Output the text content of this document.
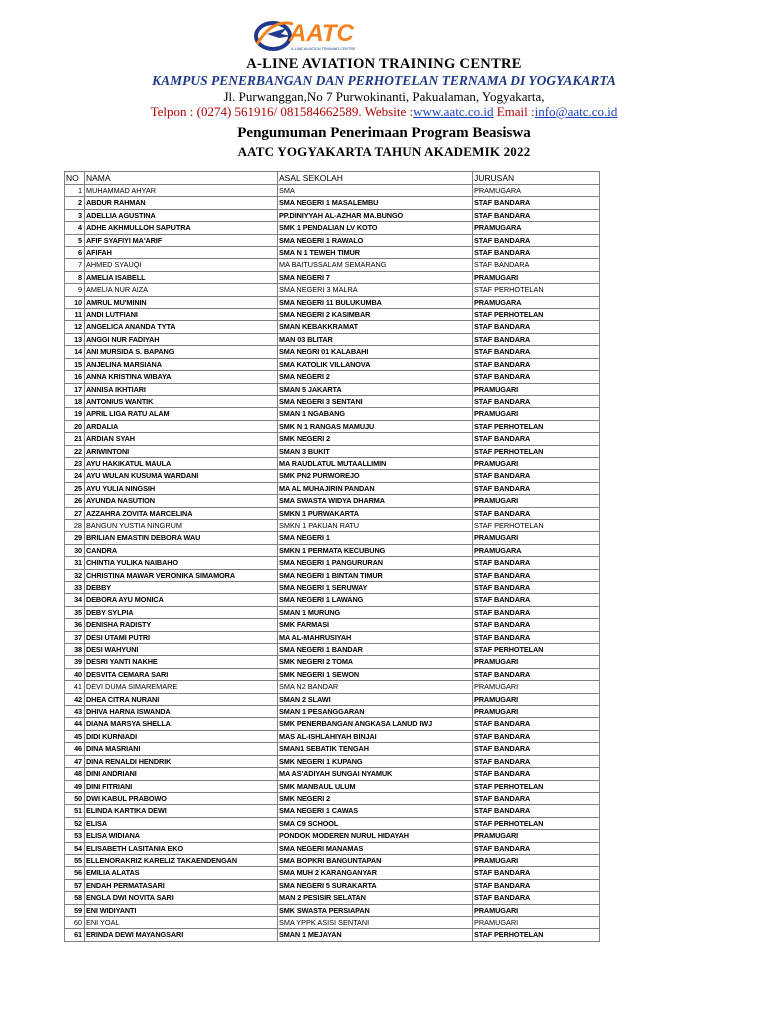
AATC
A-LINE AVIATION TRAINING CENTRE
A-LINE AVIATION TRAINING CENTRE
KAMPUS PENERBANGAN DAN PERHOTELAN TERNAMA DI YOGYAKARTA
Jl. Purwanggan,No 7 Purwokinanti, Pakualaman, Yogyakarta,
Telpon : (0274) 561916/ 081584662589. Website :www.aatc.co.id Email :info@aatc.co.id
Pengumuman Penerimaan Program Beasiswa
AATC YOGYAKARTA TAHUN AKADEMIK 2022
NO	NAMA	ASAL SEKOLAH	JURUSAN
1	MUHAMMAD AHYAR	SMA	PRAMUGARA
2	ABDUR RAHMAN	SMA NEGERI 1 MASALEMBU	STAF BANDARA
3	ADELLIA AGUSTINA	PP.DINIYYAH AL-AZHAR MA.BUNGO	STAF BANDARA
4	ADHE AKHMULLOH SAPUTRA	SMK 1 PENDALIAN LV KOTO	PRAMUGARA
5	AFIF SYAFIYI MA'ARIF	SMA NEGERI 1 RAWALO	STAF BANDARA
6	AFIFAH	SMA N 1 TEWEH TIMUR	STAF BANDARA
7	AHMED SYAUQI	MA BAITUSSALAM SEMARANG	STAF BANDARA
8	AMELIA ISABELL	SMA NEGERI 7	PRAMUGARI
9	AMELIA NUR AIZA	SMA NEGERI 3 MALRA	STAF PERHOTELAN
10	AMRUL MU'MININ	SMA NEGERI 11 BULUKUMBA	PRAMUGARA
11	ANDI LUTFIANI	SMA NEGERI 2 KASIMBAR	STAF PERHOTELAN
12	ANGELICA ANANDA TYTA	SMAN KEBAKKRAMAT	STAF BANDARA
13	ANGGI NUR FADIYAH	MAN 03 BLITAR	STAF BANDARA
14	ANI MURSIDA S. BAPANG	SMA NEGRI 01 KALABAHI	STAF BANDARA
15	ANJELINA MARSIANA	SMA KATOLIK VILLANOVA	STAF BANDARA
16	ANNA KRISTINA WIBAYA	SMA NEGERI 2	STAF BANDARA
17	ANNISA IKHTIARI	SMAN 5 JAKARTA	PRAMUGARI
18	ANTONIUS WANTIK	SMA NEGERI 3 SENTANI	STAF BANDARA
19	APRIL LIGA RATU ALAM	SMAN 1 NGABANG	PRAMUGARI
20	ARDALIA	SMK N 1 RANGAS MAMUJU	STAF PERHOTELAN
21	ARDIAN SYAH	SMK NEGERI 2	STAF BANDARA
22	ARIWINTONI	SMAN 3 BUKIT	STAF PERHOTELAN
23	AYU HAKIKATUL MAULA	MA RAUDLATUL MUTAALLIMIN	PRAMUGARI
24	AYU WULAN KUSUMA WARDANI	SMK PN2 PURWOREJO	STAF BANDARA
25	AYU YULIA NINGSIH	MA AL MUHAJIRIN PANDAN	STAF BANDARA
26	AYUNDA NASUTION	SMA SWASTA WIDYA DHARMA	PRAMUGARI
27	AZZAHRA ZOVITA MARCELINA	SMKN 1 PURWAKARTA	STAF BANDARA
28	BANGUN YUSTIA NINGRUM	SMKN 1 PAKUAN RATU	STAF PERHOTELAN
29	BRILIAN EMASTIN DEBORA WAU	SMA NEGERI 1	PRAMUGARI
30	CANDRA	SMKN 1 PERMATA KECUBUNG	PRAMUGARA
31	CHINTIA YULIKA NAIBAHO	SMA NEGERI 1 PANGURURAN	STAF BANDARA
32	CHRISTINA MAWAR VERONIKA SIMAMORA	SMA NEGERI 1 BINTAN TIMUR	STAF BANDARA
33	DEBBY	SMA NEGERI 1 SERUWAY	STAF BANDARA
34	DEBORA AYU MONICA	SMA NEGERI 1 LAWANG	STAF BANDARA
35	DEBY SYLPIA	SMAN 1 MURUNG	STAF BANDARA
36	DENISHA RADISTY	SMK FARMASI	STAF BANDARA
37	DESI UTAMI PUTRI	MA AL-MAHRUSIYAH	STAF BANDARA
38	DESI WAHYUNI	SMA NEGERI 1 BANDAR	STAF PERHOTELAN
39	DESRI YANTI NAKHE	SMK NEGERI 2 TOMA	PRAMUGARI
40	DESVITA CEMARA SARI	SMK NEGERI 1 SEWON	STAF BANDARA
41	DEVI DUMA SIMAREMARE	SMA N2 BANDAR	PRAMUGARI
42	DHEA CITRA NURANI	SMAN 2 SLAWI	PRAMUGARI
43	DHIVA HARNA ISWANDA	SMAN 1 PESANGGARAN	PRAMUGARI
44	DIANA MARSYA SHELLA	SMK PENERBANGAN ANGKASA LANUD IWJ	STAF BANDARA
45	DIDI KURNIADI	MAS AL-ISHLAHIYAH BINJAI	STAF BANDARA
46	DINA MASRIANI	SMAN1 SEBATIK TENGAH	STAF BANDARA
47	DINA RENALDI HENDRIK	SMK NEGERI 1 KUPANG	STAF BANDARA
48	DINI ANDRIANI	MA AS'ADIYAH SUNGAI NYAMUK	STAF BANDARA
49	DINI FITRIANI	SMK MANBAUL ULUM	STAF PERHOTELAN
50	DWI KABUL PRABOWO	SMK NEGERI 2	STAF BANDARA
51	ELINDA KARTIKA DEWI	SMA NEGERI 1 CAWAS	STAF BANDARA
52	ELISA	SMA C9 SCHOOL	STAF PERHOTELAN
53	ELISA WIDIANA	PONDOK MODEREN NURUL HIDAYAH	PRAMUGARI
54	ELISABETH LASITANIA EKO	SMA NEGERI MANAMAS	STAF BANDARA
55	ELLENORAKRIZ KARELIZ TAKAENDENGAN	SMA BOPKRI BANGUNTAPAN	PRAMUGARI
56	EMILIA ALATAS	SMA MUH 2 KARANGANYAR	STAF BANDARA
57	ENDAH PERMATASARI	SMA NEGERI 5 SURAKARTA	STAF BANDARA
58	ENGLA DWI NOVITA SARI	MAN 2 PESISIR SELATAN	STAF BANDARA
59	ENI WIDIYANTI	SMK SWASTA PERSIAPAN	PRAMUGARI
60	ENI YOAL	SMA YPPK ASISI SENTANI	PRAMUGARI
61	ERINDA DEWI MAYANGSARI	SMAN 1 MEJAYAN	STAF PERHOTELAN
